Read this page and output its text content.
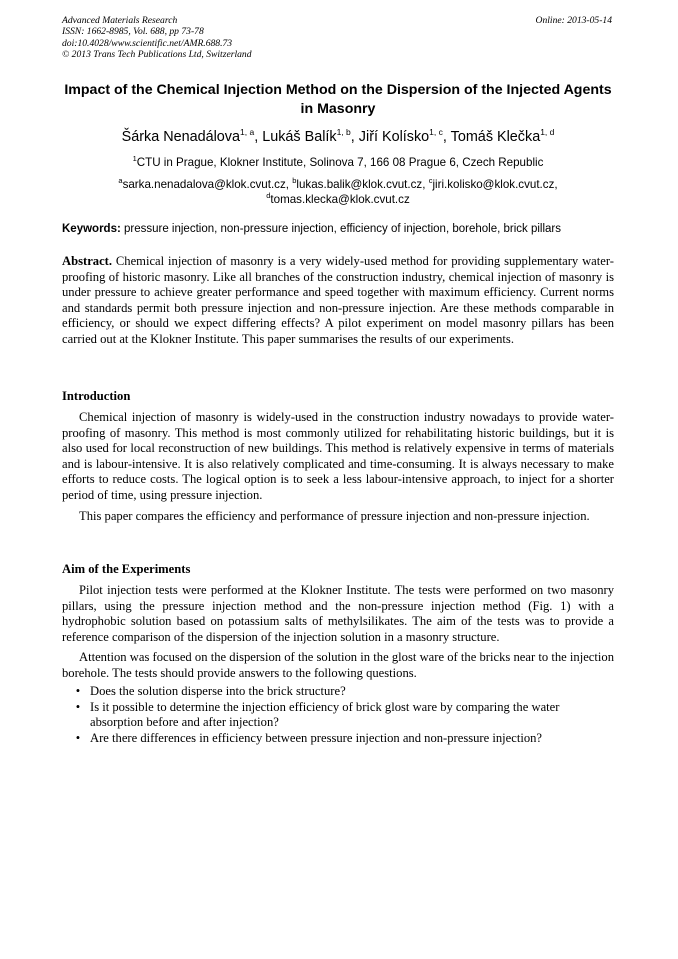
Advanced Materials Research
ISSN: 1662-8985, Vol. 688, pp 73-78
doi:10.4028/www.scientific.net/AMR.688.73
© 2013 Trans Tech Publications Ltd, Switzerland
Online: 2013-05-14
Impact of the Chemical Injection Method on the Dispersion of the Injected Agents in Masonry
Šárka Nenadálova$^{1, a}$, Lukáš Balík$^{1, b}$, Jiří Kolísko$^{1, c}$, Tomáš Klečka$^{1, d}$
$^1$CTU in Prague, Klokner Institute, Solinova 7, 166 08 Prague 6, Czech Republic
$^a$sarka.nenadalova@klok.cvut.cz, $^b$lukas.balik@klok.cvut.cz, $^c$jiri.kolisko@klok.cvut.cz,
$^d$tomas.klecka@klok.cvut.cz
Keywords: pressure injection, non-pressure injection, efficiency of injection, borehole, brick pillars
Abstract. Chemical injection of masonry is a very widely-used method for providing supplementary water-proofing of historic masonry. Like all branches of the construction industry, chemical injection of masonry is under pressure to achieve greater performance and speed together with maximum efficiency. Current norms and standards permit both pressure injection and non-pressure injection. Are these methods comparable in efficiency, or should we expect differing effects? A pilot experiment on model masonry pillars has been carried out at the Klokner Institute. This paper summarises the results of our experiments.
Introduction
Chemical injection of masonry is widely-used in the construction industry nowadays to provide water-proofing of masonry. This method is most commonly utilized for rehabilitating historic buildings, but it is also used for local reconstruction of new buildings. This method is relatively expensive in terms of materials and is labour-intensive. It is also relatively complicated and time-consuming. It is always necessary to make efforts to reduce costs. The logical option is to seek a less labour-intensive approach, to inject for a shorter period of time, using pressure injection.
This paper compares the efficiency and performance of pressure injection and non-pressure injection.
Aim of the Experiments
Pilot injection tests were performed at the Klokner Institute. The tests were performed on two masonry pillars, using the pressure injection method and the non-pressure injection method (Fig. 1) with a hydrophobic solution based on potassium salts of methylsilikates. The aim of the tests was to provide a reference comparison of the dispersion of the injection solution in a masonry structure.
Attention was focused on the dispersion of the solution in the glost ware of the bricks near to the injection borehole. The tests should provide answers to the following questions.
• Does the solution disperse into the brick structure?
• Is it possible to determine the injection efficiency of brick glost ware by comparing the water absorption before and after injection?
• Are there differences in efficiency between pressure injection and non-pressure injection?
